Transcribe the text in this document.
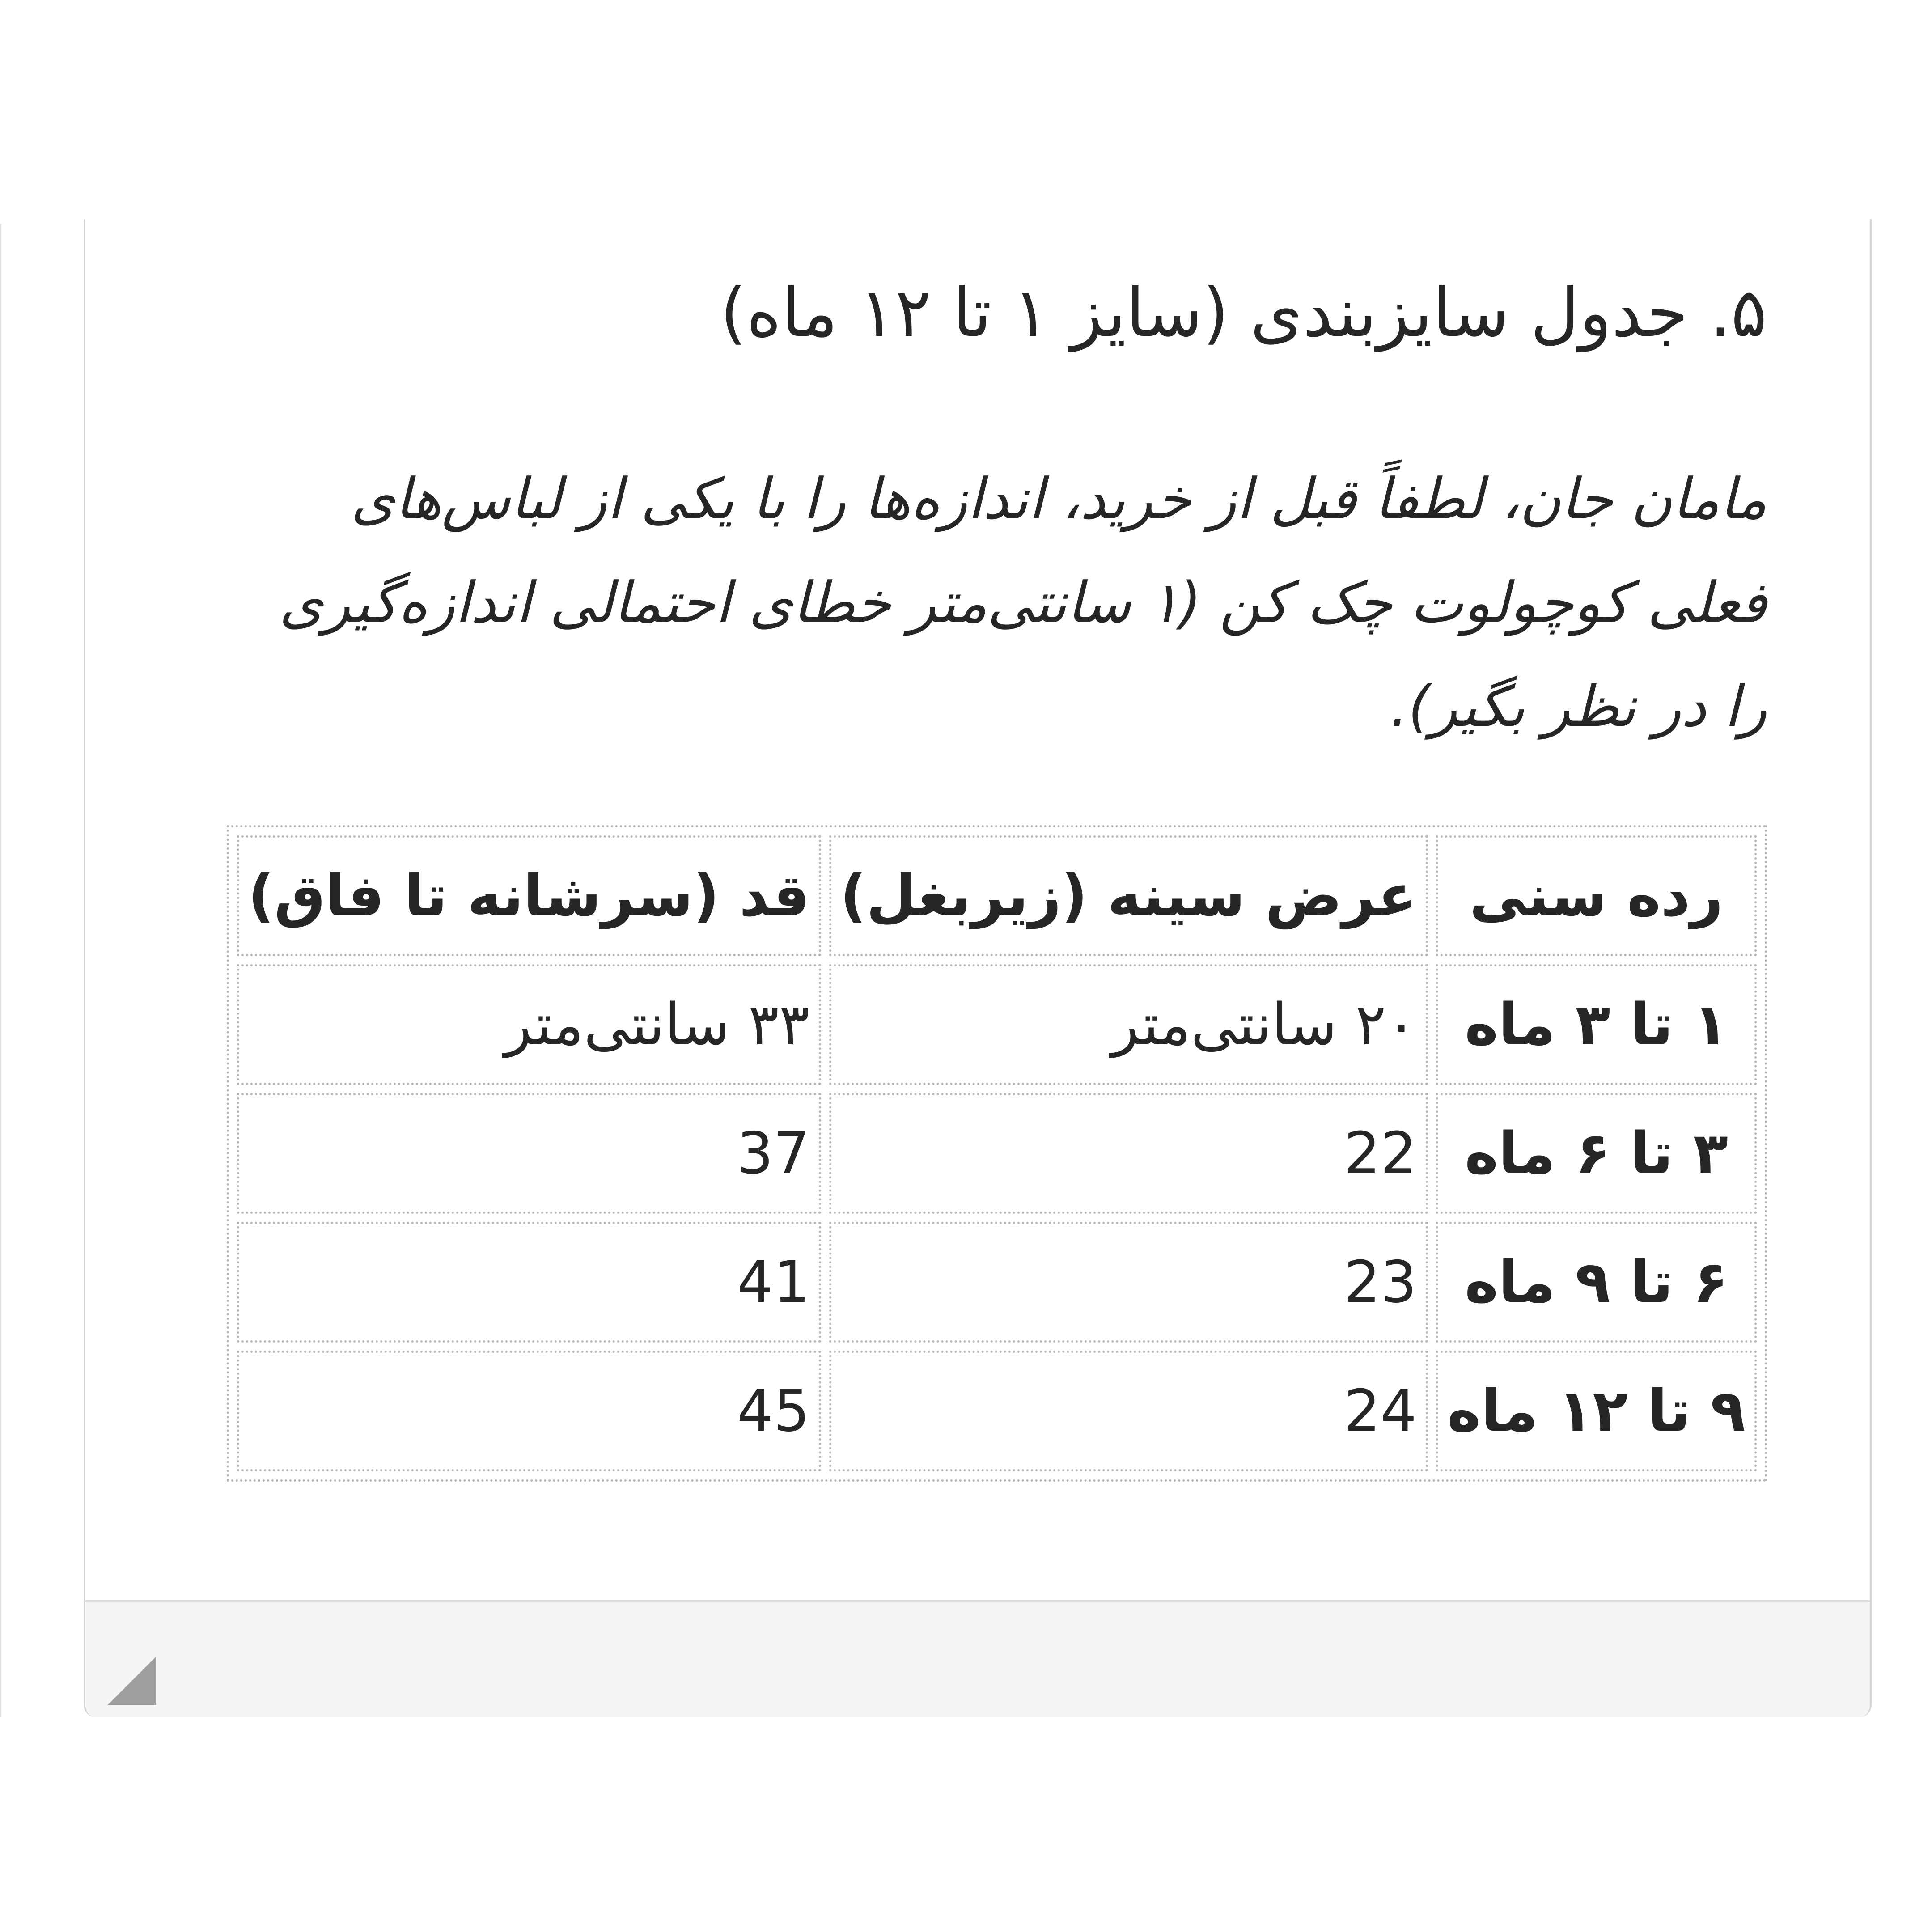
۵. جدول سایزبندی (سایز ۱ تا ۱۲ ماه)

مامان جان، لطفاً قبل از خرید، اندازه‌ها را با یکی از لباس‌های فعلی کوچولوت چک کن (۱ سانتی‌متر خطای احتمالی اندازه‌گیری را در نظر بگیر).

رده سنی	عرض سینه (زیربغل)	قد (سرشانه تا فاق)
۱ تا ۳ ماه	۲۰ سانتی‌متر	۳۳ سانتی‌متر
۳ تا ۶ ماه	22	37
۶ تا ۹ ماه	23	41
۹ تا ۱۲ ماه	24	45
